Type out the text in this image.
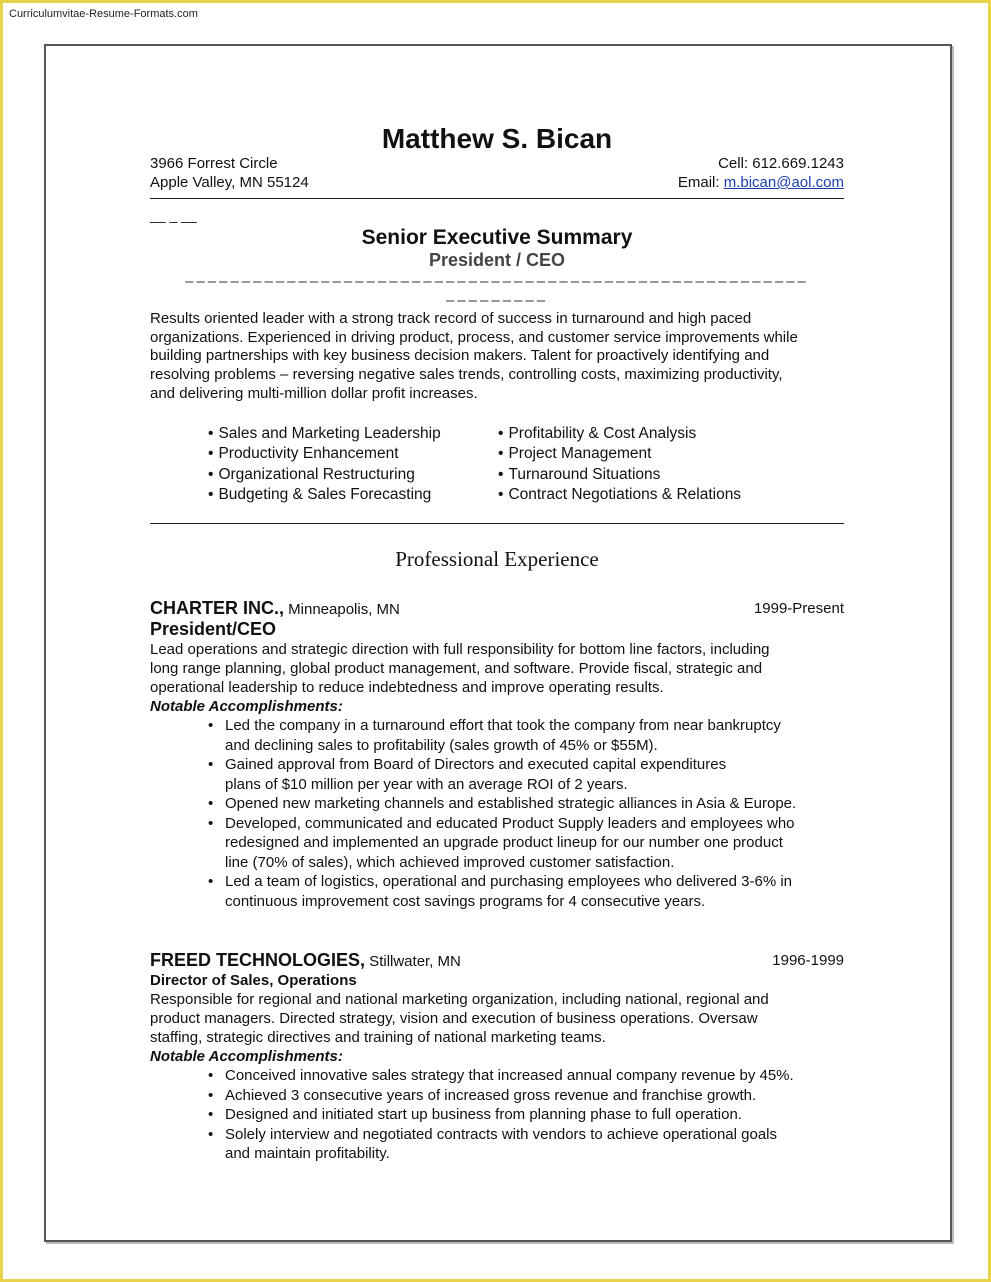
Curriculumvitae-Resume-Formats.com
Matthew S. Bican
3966 Forrest Circle	Cell: 612.669.1243
Apple Valley, MN 55124	Email: m.bican@aol.com
__ _ __
Senior Executive Summary
President / CEO
–––––––––––––––––––––––––––––––––––––––––––––––––––––––
–––––––––
Results oriented leader with a strong track record of success in turnaround and high paced
organizations. Experienced in driving product, process, and customer service improvements while
building partnerships with key business decision makers. Talent for proactively identifying and
resolving problems – reversing negative sales trends, controlling costs, maximizing productivity,
and delivering multi-million dollar profit increases.
• Sales and Marketing Leadership
• Productivity Enhancement
• Organizational Restructuring
• Budgeting & Sales Forecasting
• Profitability & Cost Analysis
• Project Management
• Turnaround Situations
• Contract Negotiations & Relations
Professional Experience
CHARTER INC., Minneapolis, MN	1999-Present
President/CEO
Lead operations and strategic direction with full responsibility for bottom line factors, including
long range planning, global product management, and software. Provide fiscal, strategic and
operational leadership to reduce indebtedness and improve operating results.
Notable Accomplishments:
• Led the company in a turnaround effort that took the company from near bankruptcy
and declining sales to profitability (sales growth of 45% or $55M).
• Gained approval from Board of Directors and executed capital expenditures
plans of $10 million per year with an average ROI of 2 years.
• Opened new marketing channels and established strategic alliances in Asia & Europe.
• Developed, communicated and educated Product Supply leaders and employees who
redesigned and implemented an upgrade product lineup for our number one product
line (70% of sales), which achieved improved customer satisfaction.
• Led a team of logistics, operational and purchasing employees who delivered 3-6% in
continuous improvement cost savings programs for 4 consecutive years.
FREED TECHNOLOGIES, Stillwater, MN	1996-1999
Director of Sales, Operations
Responsible for regional and national marketing organization, including national, regional and
product managers. Directed strategy, vision and execution of business operations. Oversaw
staffing, strategic directives and training of national marketing teams.
Notable Accomplishments:
• Conceived innovative sales strategy that increased annual company revenue by 45%.
• Achieved 3 consecutive years of increased gross revenue and franchise growth.
• Designed and initiated start up business from planning phase to full operation.
• Solely interview and negotiated contracts with vendors to achieve operational goals
and maintain profitability.
